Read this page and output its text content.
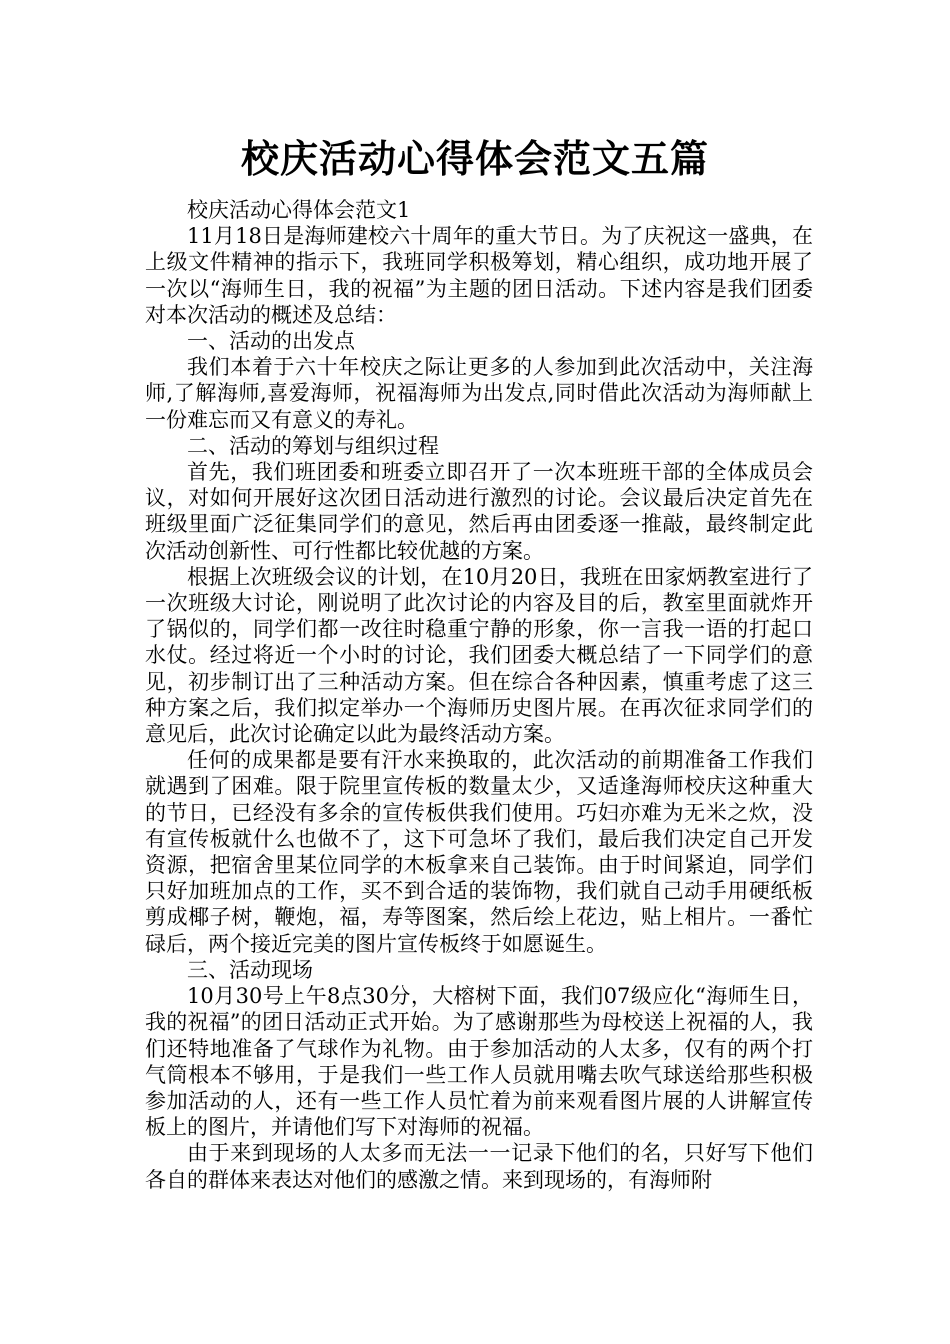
校庆活动心得体会范文五篇

校庆活动心得体会范文1

11月18日是海师建校六十周年的重大节日。为了庆祝这一盛典，在上级文件精神的指示下，我班同学积极筹划，精心组织，成功地开展了一次以“海师生日，我的祝福”为主题的团日活动。下述内容是我们团委对本次活动的概述及总结：

一、活动的出发点

我们本着于六十年校庆之际让更多的人参加到此次活动中，关注海师,了解海师,喜爱海师，祝福海师为出发点,同时借此次活动为海师献上一份难忘而又有意义的寿礼。

二、活动的筹划与组织过程

首先，我们班团委和班委立即召开了一次本班班干部的全体成员会议，对如何开展好这次团日活动进行激烈的讨论。会议最后决定首先在班级里面广泛征集同学们的意见，然后再由团委逐一推敲，最终制定此次活动创新性、可行性都比较优越的方案。

根据上次班级会议的计划，在10月20日，我班在田家炳教室进行了一次班级大讨论，刚说明了此次讨论的内容及目的后，教室里面就炸开了锅似的，同学们都一改往时稳重宁静的形象，你一言我一语的打起口水仗。经过将近一个小时的讨论，我们团委大概总结了一下同学们的意见，初步制订出了三种活动方案。但在综合各种因素，慎重考虑了这三种方案之后，我们拟定举办一个海师历史图片展。在再次征求同学们的意见后，此次讨论确定以此为最终活动方案。

任何的成果都是要有汗水来换取的，此次活动的前期准备工作我们就遇到了困难。限于院里宣传板的数量太少，又适逢海师校庆这种重大的节日，已经没有多余的宣传板供我们使用。巧妇亦难为无米之炊，没有宣传板就什么也做不了，这下可急坏了我们，最后我们决定自己开发资源，把宿舍里某位同学的木板拿来自己装饰。由于时间紧迫，同学们只好加班加点的工作，买不到合适的装饰物，我们就自己动手用硬纸板剪成椰子树，鞭炮，福，寿等图案，然后绘上花边，贴上相片。一番忙碌后，两个接近完美的图片宣传板终于如愿诞生。

三、活动现场

10月30号上午8点30分，大榕树下面，我们07级应化“海师生日，我的祝福”的团日活动正式开始。为了感谢那些为母校送上祝福的人，我们还特地准备了气球作为礼物。由于参加活动的人太多，仅有的两个打气筒根本不够用，于是我们一些工作人员就用嘴去吹气球送给那些积极参加活动的人，还有一些工作人员忙着为前来观看图片展的人讲解宣传板上的图片，并请他们写下对海师的祝福。

由于来到现场的人太多而无法一一记录下他们的名，只好写下他们各自的群体来表达对他们的感激之情。来到现场的，有海师附
